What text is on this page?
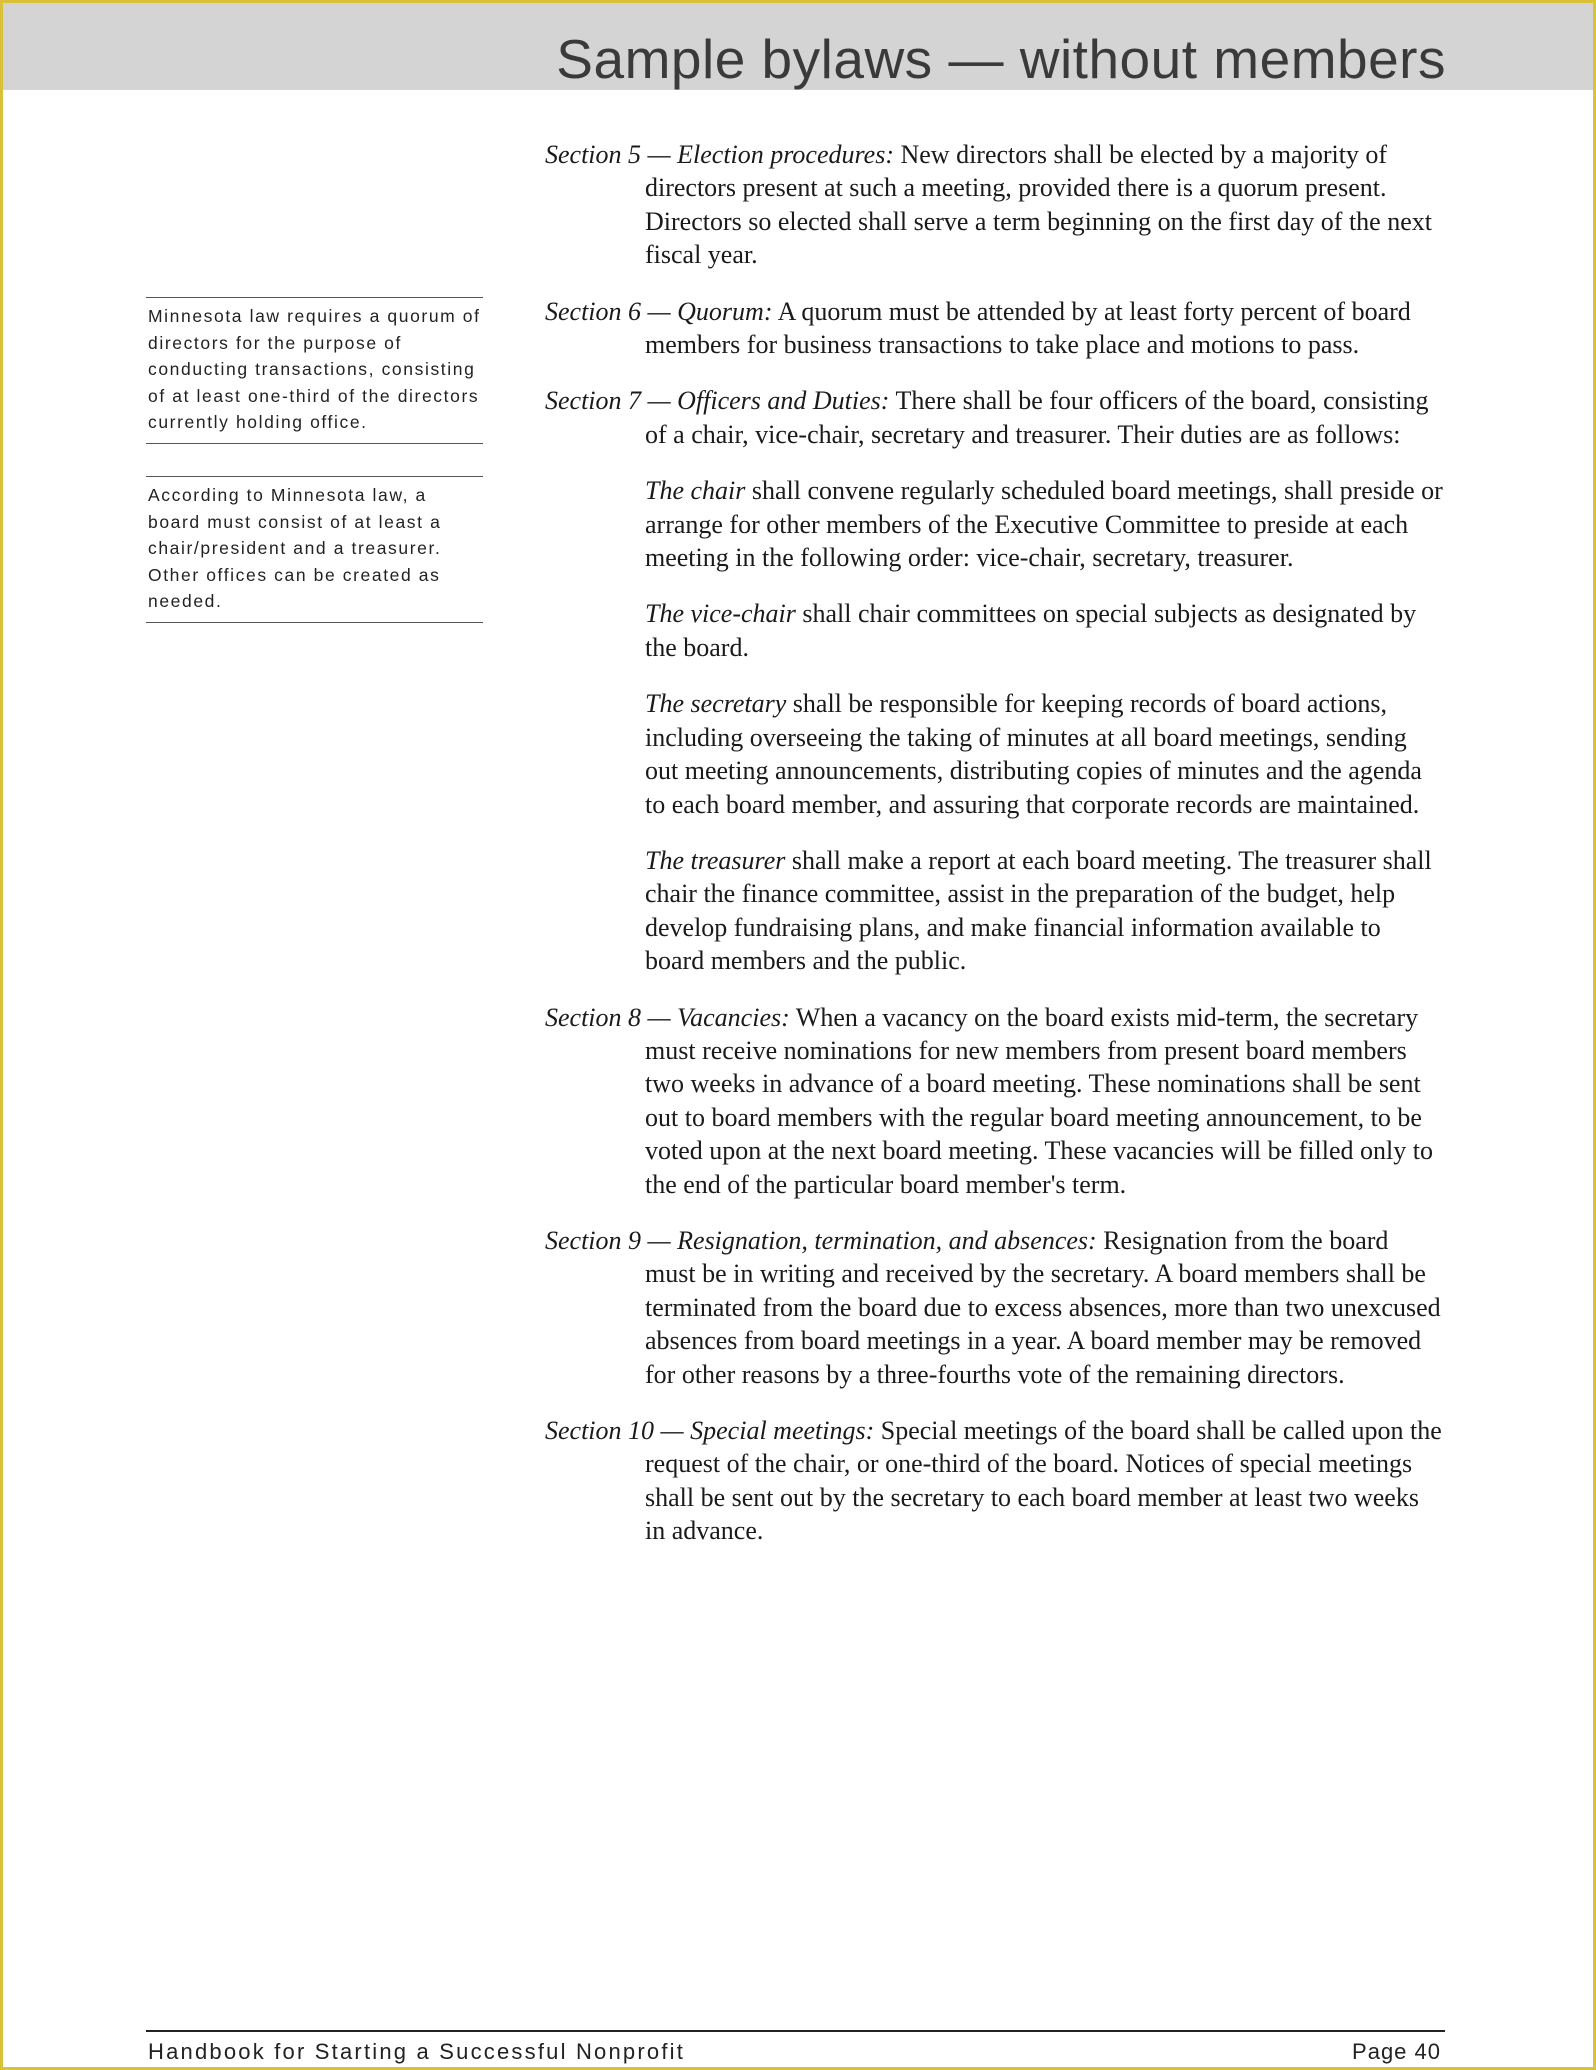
Sample bylaws — without members
Minnesota law requires a quorum of directors for the purpose of conducting transactions, consisting of at least one-third of the directors currently holding office.
According to Minnesota law, a board must consist of at least a chair/president and a treasurer. Other offices can be created as needed.

Section 5 — Election procedures: New directors shall be elected by a majority of directors present at such a meeting, provided there is a quorum present. Directors so elected shall serve a term beginning on the first day of the next fiscal year.

Section 6 — Quorum: A quorum must be attended by at least forty percent of board members for business transactions to take place and motions to pass.

Section 7 — Officers and Duties: There shall be four officers of the board, consisting of a chair, vice-chair, secretary and treasurer. Their duties are as follows:

The chair shall convene regularly scheduled board meetings, shall preside or arrange for other members of the Executive Committee to preside at each meeting in the following order: vice-chair, secretary, treasurer.

The vice-chair shall chair committees on special subjects as designated by the board.

The secretary shall be responsible for keeping records of board actions, including overseeing the taking of minutes at all board meetings, sending out meeting announcements, distributing copies of minutes and the agenda to each board member, and assuring that corporate records are maintained.

The treasurer shall make a report at each board meeting. The treasurer shall chair the finance committee, assist in the preparation of the budget, help develop fundraising plans, and make financial information available to board members and the public.

Section 8 — Vacancies: When a vacancy on the board exists mid-term, the secretary must receive nominations for new members from present board members two weeks in advance of a board meeting. These nominations shall be sent out to board members with the regular board meeting announcement, to be voted upon at the next board meeting. These vacancies will be filled only to the end of the particular board member's term.

Section 9 — Resignation, termination, and absences: Resignation from the board must be in writing and received by the secretary. A board members shall be terminated from the board due to excess absences, more than two unexcused absences from board meetings in a year. A board member may be removed for other reasons by a three-fourths vote of the remaining directors.

Section 10 — Special meetings: Special meetings of the board shall be called upon the request of the chair, or one-third of the board. Notices of special meetings shall be sent out by the secretary to each board member at least two weeks in advance.

Handbook for Starting a Successful Nonprofit	Page 40
